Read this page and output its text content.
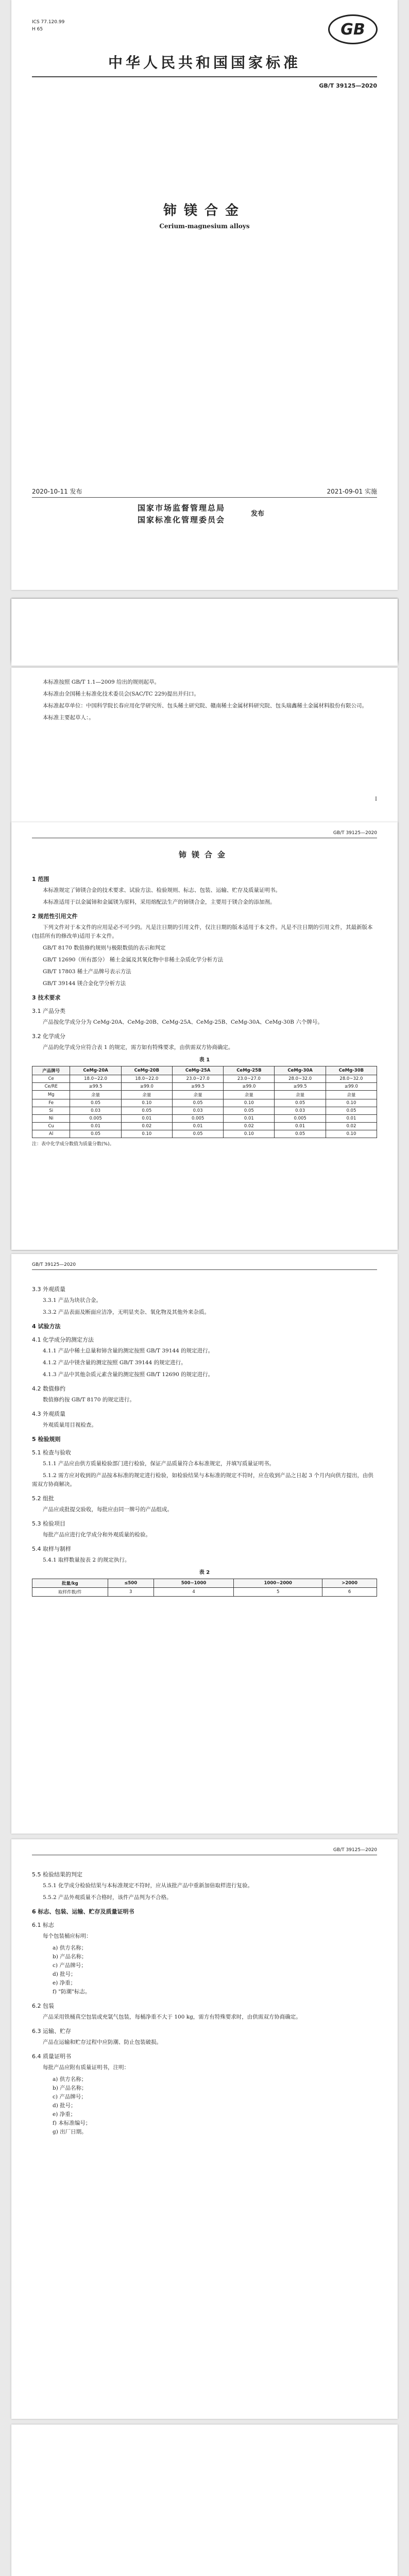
ICS 77.120.99
H 65	GB
中华人民共和国国家标准
GB/T 39125—2020
铈镁合金
Cerium-magnesium alloys
2020-10-11 发布	2021-09-01 实施
国家市场监督管理总局
国家标准化管理委员会
发布

本标准按照 GB/T 1.1—2009 给出的规则起草。

本标准由全国稀土标准化技术委员会(SAC/TC 229)提出并归口。

本标准起草单位：中国科学院长春应用化学研究所、包头稀土研究院、赣南稀土金属材料研究院、包头瑞鑫稀土金属材料股份有限公司。

本标准主要起草人：。

I
GB/T 39125—2020
铈镁合金
1 范围

本标准规定了铈镁合金的技术要求、试验方法、检验规则、标志、包装、运输、贮存及质量证明书。

本标准适用于以金属铈和金属镁为原料，采用熔配法生产的铈镁合金，主要用于镁合金的添加剂。

2 规范性引用文件

下列文件对于本文件的应用是必不可少的。凡是注日期的引用文件，仅注日期的版本适用于本文件。凡是不注日期的引用文件，其最新版本(包括所有的修改单)适用于本文件。

GB/T 8170 数值修约规则与极限数值的表示和判定

GB/T 12690（所有部分） 稀土金属及其氧化物中非稀土杂质化学分析方法

GB/T 17803 稀土产品牌号表示方法

GB/T 39144 镁合金化学分析方法

3 技术要求
3.1 产品分类

产品按化学成分分为 CeMg-20A、CeMg-20B、CeMg-25A、CeMg-25B、CeMg-30A、CeMg-30B 六个牌号。

3.2 化学成分

产品的化学成分应符合表 1 的规定，需方如有特殊要求，由供需双方协商确定。

表 1
产品牌号	CeMg-20A	CeMg-20B	CeMg-25A	CeMg-25B	CeMg-30A	CeMg-30B
Ce	18.0~22.0	18.0~22.0	23.0~27.0	23.0~27.0	28.0~32.0	28.0~32.0
Ce/RE	≥99.5	≥99.0	≥99.5	≥99.0	≥99.5	≥99.0
Mg	余量	余量	余量	余量	余量	余量
Fe	0.05	0.10	0.05	0.10	0.05	0.10
Si	0.03	0.05	0.03	0.05	0.03	0.05
Ni	0.005	0.01	0.005	0.01	0.005	0.01
Cu	0.01	0.02	0.01	0.02	0.01	0.02
Al	0.05	0.10	0.05	0.10	0.05	0.10
注：表中化学成分数值为质量分数(%)。
GB/T 39125—2020
3.3 外观质量

3.3.1 产品为块状合金。

3.3.2 产品表面及断面应洁净，无明显夹杂、氧化物及其他外来杂质。

4 试验方法
4.1 化学成分的测定方法

4.1.1 产品中稀土总量和铈含量的测定按照 GB/T 39144 的规定进行。

4.1.2 产品中镁含量的测定按照 GB/T 39144 的规定进行。

4.1.3 产品中其他杂质元素含量的测定按照 GB/T 12690 的规定进行。

4.2 数值修约

数值修约按 GB/T 8170 的规定进行。

4.3 外观质量

外观质量用目视检查。

5 检验规则
5.1 检查与验收

5.1.1 产品应由供方质量检验部门进行检验，保证产品质量符合本标准规定，并填写质量证明书。

5.1.2 需方应对收到的产品按本标准的规定进行检验，如检验结果与本标准的规定不符时，应在收到产品之日起 3 个月内向供方提出，由供需双方协商解决。

5.2 组批

产品应成批提交验收，每批应由同一牌号的产品组成。

5.3 检验项目

每批产品应进行化学成分和外观质量的检验。

5.4 取样与制样

5.4.1 取样数量按表 2 的规定执行。

表 2
批量/kg	≤500	500~1000	1000~2000	>2000
取样件数/件	3	4	5	6
GB/T 39125—2020
5.5 检验结果的判定

5.5.1 化学成分检验结果与本标准规定不符时，应从该批产品中重新加倍取样进行复验。

5.5.2 产品外观质量不合格时，该件产品判为不合格。

6 标志、包装、运输、贮存及质量证明书
6.1 标志

每个包装桶应标明：

a) 供方名称；
b) 产品名称；
c) 产品牌号；
d) 批号；
e) 净重；
f) "防潮"标志。
6.2 包装

产品采用铁桶真空包装或充氩气包装，每桶净重不大于 100 kg，需方有特殊要求时，由供需双方协商确定。

6.3 运输、贮存

产品在运输和贮存过程中应防潮、防止包装破损。

6.4 质量证明书

每批产品应附有质量证明书，注明：

a) 供方名称；
b) 产品名称；
c) 产品牌号；
d) 批号；
e) 净重；
f) 本标准编号；
g) 出厂日期。
